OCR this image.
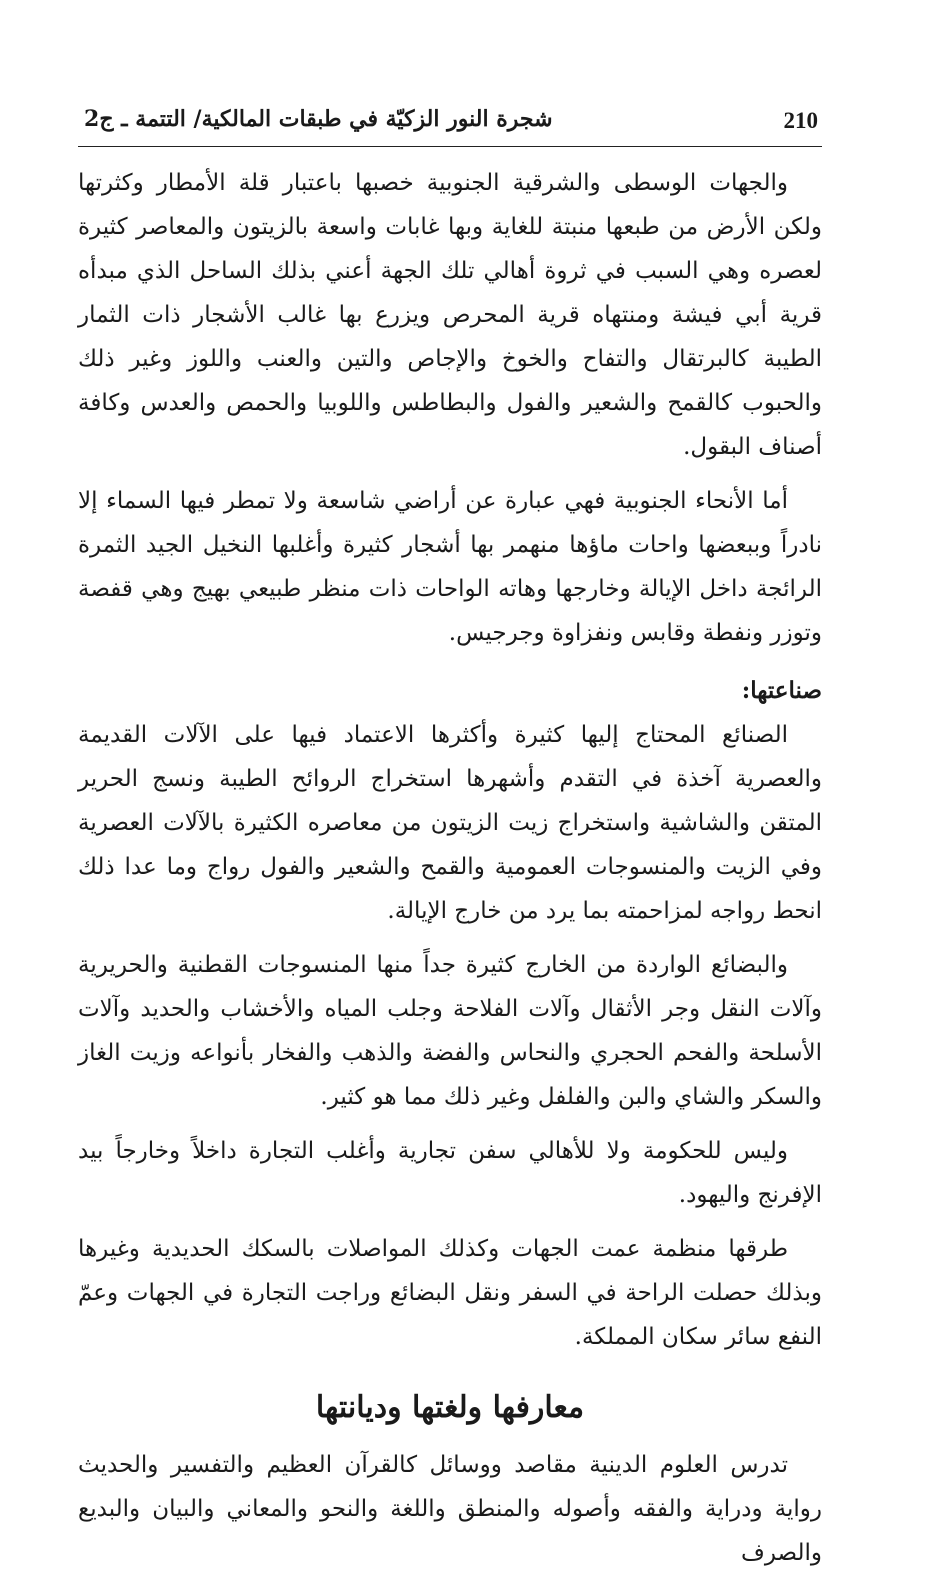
210
شجرة النور الزكيّة في طبقات المالكية/ التتمة ـ ج2

والجهات الوسطى والشرقية الجنوبية خصبها باعتبار قلة الأمطار وكثرتها ولكن الأرض من طبعها منبتة للغاية وبها غابات واسعة بالزيتون والمعاصر كثيرة لعصره وهي السبب في ثروة أهالي تلك الجهة أعني بذلك الساحل الذي مبدأه قرية أبي فيشة ومنتهاه قرية المحرص ويزرع بها غالب الأشجار ذات الثمار الطيبة كالبرتقال والتفاح والخوخ والإجاص والتين والعنب واللوز وغير ذلك والحبوب كالقمح والشعير والفول والبطاطس واللوبيا والحمص والعدس وكافة أصناف البقول.

أما الأنحاء الجنوبية فهي عبارة عن أراضي شاسعة ولا تمطر فيها السماء إلا نادراً وببعضها واحات ماؤها منهمر بها أشجار كثيرة وأغلبها النخيل الجيد الثمرة الرائجة داخل الإيالة وخارجها وهاته الواحات ذات منظر طبيعي بهيج وهي قفصة وتوزر ونفطة وقابس ونفزاوة وجرجيس.

صناعتها:

الصنائع المحتاج إليها كثيرة وأكثرها الاعتماد فيها على الآلات القديمة والعصرية آخذة في التقدم وأشهرها استخراج الروائح الطيبة ونسج الحرير المتقن والشاشية واستخراج زيت الزيتون من معاصره الكثيرة بالآلات العصرية وفي الزيت والمنسوجات العمومية والقمح والشعير والفول رواج وما عدا ذلك انحط رواجه لمزاحمته بما يرد من خارج الإيالة.

والبضائع الواردة من الخارج كثيرة جداً منها المنسوجات القطنية والحريرية وآلات النقل وجر الأثقال وآلات الفلاحة وجلب المياه والأخشاب والحديد وآلات الأسلحة والفحم الحجري والنحاس والفضة والذهب والفخار بأنواعه وزيت الغاز والسكر والشاي والبن والفلفل وغير ذلك مما هو كثير.

وليس للحكومة ولا للأهالي سفن تجارية وأغلب التجارة داخلاً وخارجاً بيد الإفرنج واليهود.

طرقها منظمة عمت الجهات وكذلك المواصلات بالسكك الحديدية وغيرها وبذلك حصلت الراحة في السفر ونقل البضائع وراجت التجارة في الجهات وعمّ النفع سائر سكان المملكة.

معارفها ولغتها وديانتها

تدرس العلوم الدينية مقاصد ووسائل كالقرآن العظيم والتفسير والحديث رواية ودراية والفقه وأصوله والمنطق واللغة والنحو والمعاني والبيان والبديع والصرف
